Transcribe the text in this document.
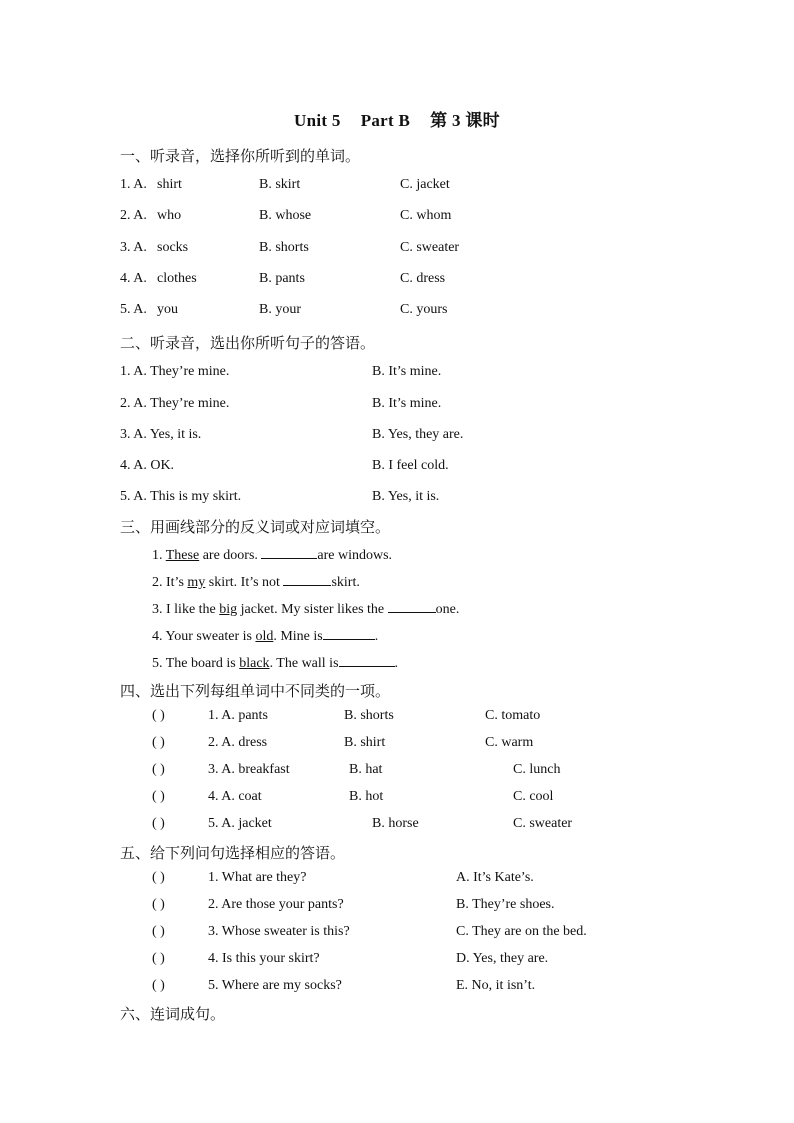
Unit 5 Part B 第 3 课时
一、听录音，选择你所听到的单词。
1. A. shirt	B. skirt	C. jacket
2. A. who	B. whose	C. whom
3. A. socks	B. shorts	C. sweater
4. A. clothes	B. pants	C. dress
5. A. you	B. your	C. yours
二、听录音，选出你所听句子的答语。
1. A. They’re mine.	B. It’s mine.
2. A. They’re mine.	B. It’s mine.
3. A. Yes, it is.	B. Yes, they are.
4. A. OK.	B. I feel cold.
5. A. This is my skirt.	B. Yes, it is.
三、用画线部分的反义词或对应词填空。
1. These are doors.	are windows.
2. It’s my skirt. It’s not	skirt.
3. I like the big jacket. My sister likes the	one.
4. Your sweater is old. Mine is	.
5. The board is black. The wall is	.
四、选出下列每组单词中不同类的一项。
( )	1. A. pants	B. shorts	C. tomato
( )	2. A. dress	B. shirt	C. warm
( )	3. A. breakfast	B. hat	C. lunch
( )	4. A. coat	B. hot	C. cool
( )	5. A. jacket	B. horse	C. sweater
五、给下列问句选择相应的答语。
( )	1. What are they?	A. It’s Kate’s.
( )	2. Are those your pants?	B. They’re shoes.
( )	3. Whose sweater is this?	C. They are on the bed.
( )	4. Is this your skirt?	D. Yes, they are.
( )	5. Where are my socks?	E. No, it isn’t.
六、连词成句。
